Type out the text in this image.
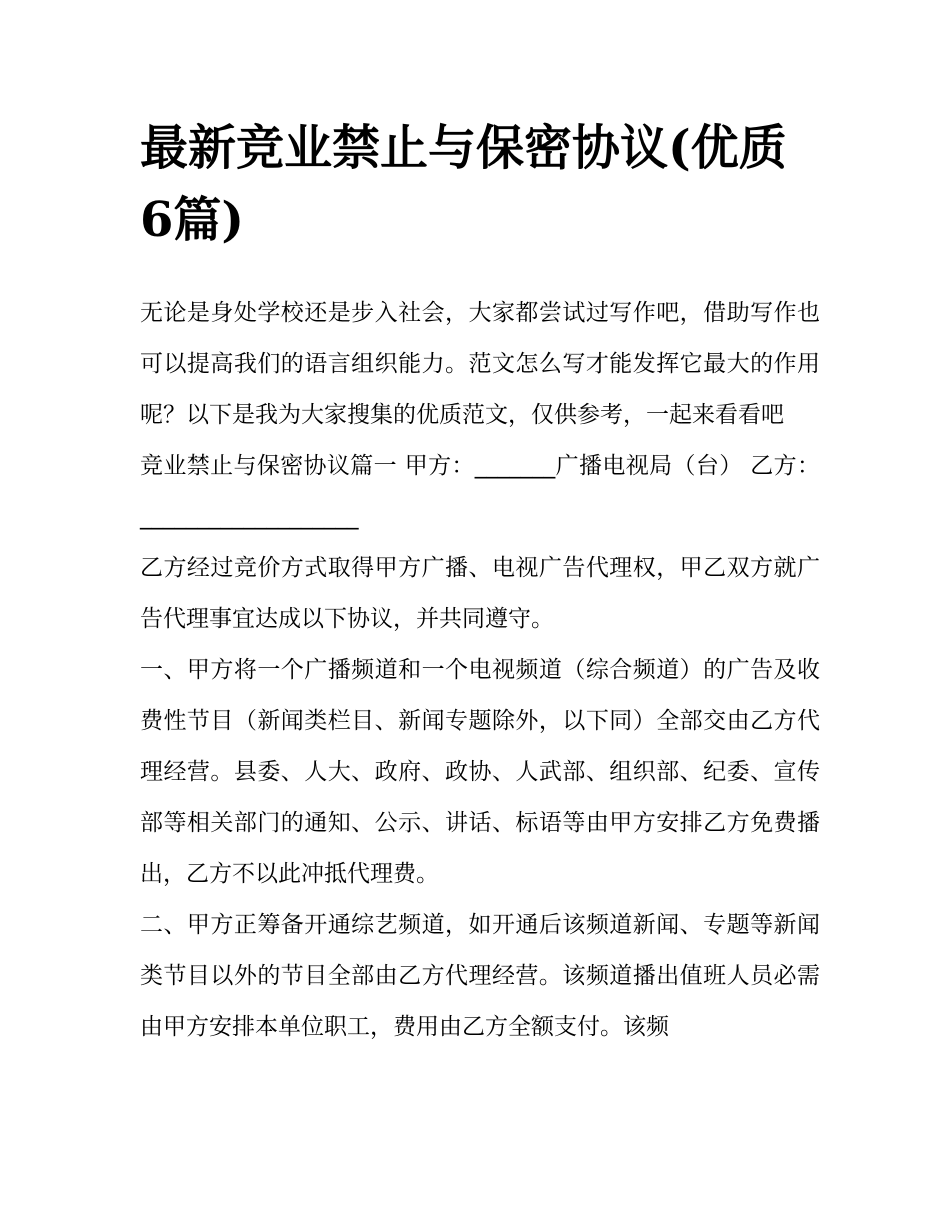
最新竞业禁止与保密协议(优质6篇)

无论是身处学校还是步入社会，大家都尝试过写作吧，借助写作也可以提高我们的语言组织能力。范文怎么写才能发挥它最大的作用呢？以下是我为大家搜集的优质范文，仅供参考，一起来看看吧

竞业禁止与保密协议篇一 甲方：_______广播电视局（台） 乙方：___________________

乙方经过竞价方式取得甲方广播、电视广告代理权，甲乙双方就广告代理事宜达成以下协议，并共同遵守。

一、甲方将一个广播频道和一个电视频道（综合频道）的广告及收费性节目（新闻类栏目、新闻专题除外，以下同）全部交由乙方代理经营。县委、人大、政府、政协、人武部、组织部、纪委、宣传部等相关部门的通知、公示、讲话、标语等由甲方安排乙方免费播出，乙方不以此冲抵代理费。

二、甲方正筹备开通综艺频道，如开通后该频道新闻、专题等新闻类节目以外的节目全部由乙方代理经营。该频道播出值班人员必需由甲方安排本单位职工，费用由乙方全额支付。该频
